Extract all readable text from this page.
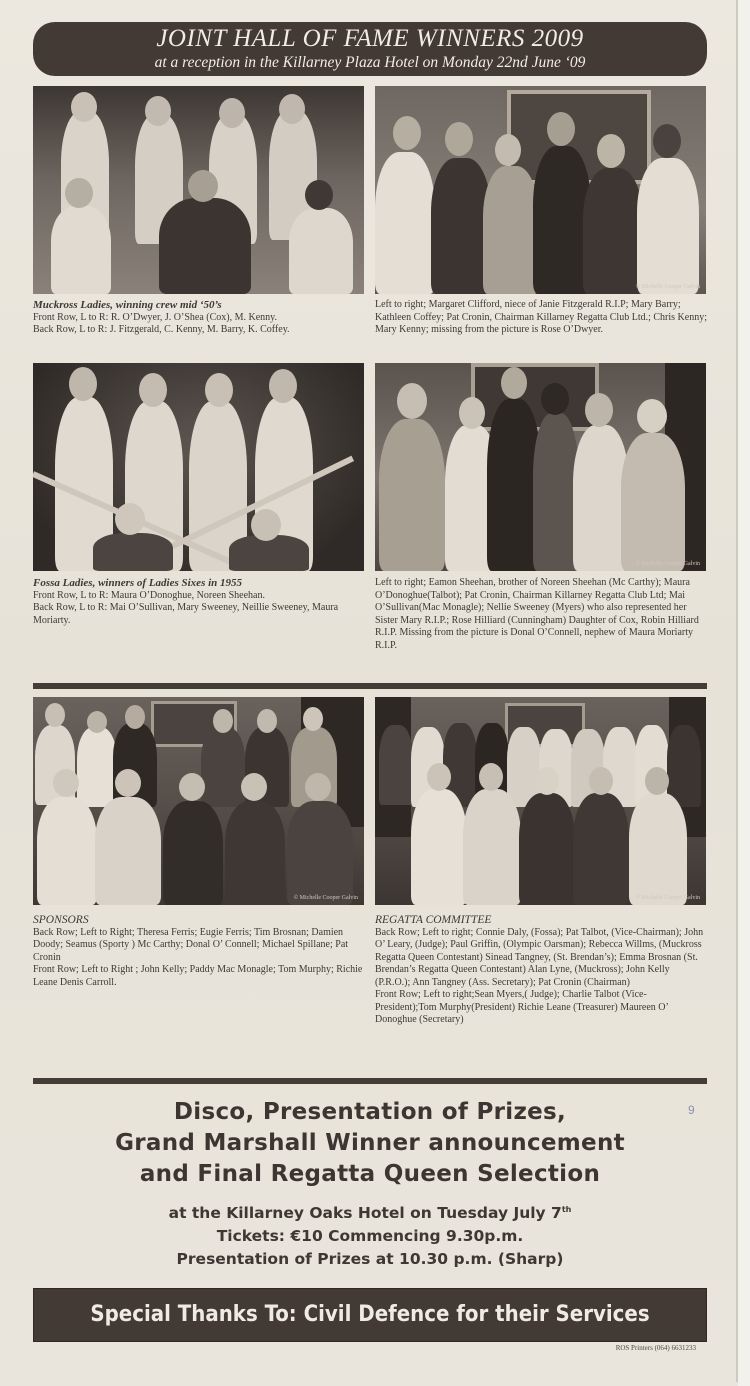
JOINT HALL OF FAME WINNERS 2009
at a reception in the Killarney Plaza Hotel on Monday 22nd June ‘09
Muckross Ladies, winning crew mid ‘50’s
Front Row, L to R: R. O’Dwyer, J. O’Shea (Cox), M. Kenny.
Back Row, L to R: J. Fitzgerald, C. Kenny, M. Barry, K. Coffey.
© Michelle Cooper Galvin
Left to right; Margaret Clifford, niece of Janie Fitzgerald R.I.P; Mary Barry; Kathleen Coffey; Pat Cronin, Chairman Killarney Regatta Club Ltd.; Chris Kenny; Mary Kenny; missing from the picture is Rose O’Dwyer.
Fossa Ladies, winners of Ladies Sixes in 1955
Front Row, L to R: Maura O’Donoghue, Noreen Sheehan.
Back Row, L to R: Mai O’Sullivan, Mary Sweeney, Neillie Sweeney, Maura Moriarty.
© Michelle Cooper Galvin
Left to right; Eamon Sheehan, brother of Noreen Sheehan (Mc Carthy); Maura O’Donoghue(Talbot); Pat Cronin, Chairman Killarney Regatta Club Ltd; Mai O’Sullivan(Mac Monagle); Nellie Sweeney (Myers) who also represented her Sister Mary R.I.P.; Rose Hilliard (Cunningham) Daughter of Cox, Robin Hilliard R.I.P. Missing from the picture is Donal O’Connell, nephew of Maura Moriarty R.I.P.
© Michelle Cooper Galvin
SPONSORS
Back Row; Left to Right; Theresa Ferris; Eugie Ferris; Tim Brosnan; Damien Doody; Seamus (Sporty ) Mc Carthy; Donal O’ Connell; Michael Spillane; Pat Cronin
Front Row; Left to Right ; John Kelly; Paddy Mac Monagle; Tom Murphy; Richie Leane Denis Carroll.
© Michelle Cooper Galvin
REGATTA COMMITTEE
Back Row; Left to right; Connie Daly, (Fossa); Pat Talbot, (Vice-Chairman); John O’ Leary, (Judge); Paul Griffin, (Olympic Oarsman); Rebecca Willms, (Muckross Regatta Queen Contestant) Sinead Tangney, (St. Brendan’s); Emma Brosnan (St. Brendan’s Regatta Queen Contestant) Alan Lyne, (Muckross); John Kelly (P.R.O.); Ann Tangney (Ass. Secretary); Pat Cronin (Chairman)
Front Row; Left to right;Sean Myers,( Judge); Charlie Talbot (Vice-President);Tom Murphy(President) Richie Leane (Treasurer) Maureen O’ Donoghue (Secretary)
Disco, Presentation of Prizes,
Grand Marshall Winner announcement
and Final Regatta Queen Selection
9
at the Killarney Oaks Hotel on Tuesday July 7th
Tickets: €10 Commencing 9.30p.m.
Presentation of Prizes at 10.30 p.m. (Sharp)
Special Thanks To: Civil Defence for their Services
ROS Printers (064) 6631233
